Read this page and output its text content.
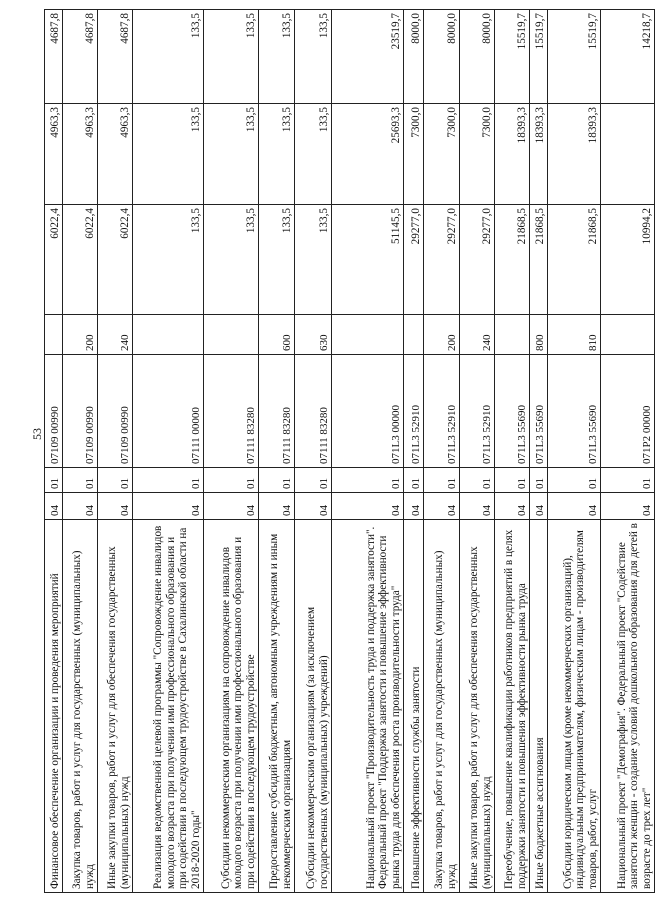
53
Финансовое обеспечение организации и проведения мероприятий	04	01	07109 00990		6022,4	4963,3	4687,8
Закупка товаров, работ и услуг для государственных (муниципальных) нужд	04	01	07109 00990	200	6022,4	4963,3	4687,8
Иные закупки товаров, работ и услуг для обеспечения государственных (муниципальных) нужд	04	01	07109 00990	240	6022,4	4963,3	4687,8
Реализация ведомственной целевой программы "Сопровождение инвалидов молодого возраста при получении ими профессионального образования и при содействии в последующем трудоустройстве в Сахалинской области на 2018-2020 годы"	04	01	07111 00000		133,5	133,5	133,5
Субсидии некоммерческим организациям на сопровождение инвалидов молодого возраста при получении ими профессионального образования и при содействии в последующем трудоустройстве	04	01	07111 83280		133,5	133,5	133,5
Предоставление субсидий бюджетным, автономным учреждениям и иным некоммерческим организациям	04	01	07111 83280	600	133,5	133,5	133,5
Субсидии некоммерческим организациям (за исключением государственных (муниципальных) учреждений)	04	01	07111 83280	630	133,5	133,5	133,5
Национальный проект "Производительность труда и поддержка занятости". Федеральный проект "Поддержка занятости и повышение эффективности рынка труда для обеспечения роста производительности труда"	04	01	071L3 00000		51145,5	25693,3	23519,7
Повышение эффективности службы занятости	04	01	071L3 52910		29277,0	7300,0	8000,0
Закупка товаров, работ и услуг для государственных (муниципальных) нужд	04	01	071L3 52910	200	29277,0	7300,0	8000,0
Иные закупки товаров, работ и услуг для обеспечения государственных (муниципальных) нужд	04	01	071L3 52910	240	29277,0	7300,0	8000,0
Переобучение, повышение квалификации работников предприятий в целях поддержки занятости и повышения эффективности рынка труда	04	01	071L3 55690		21868,5	18393,3	15519,7
Иные бюджетные ассигнования	04	01	071L3 55690	800	21868,5	18393,3	15519,7
Субсидии юридическим лицам (кроме некоммерческих организаций), индивидуальным предпринимателям, физическим лицам - производителям товаров, работ, услуг	04	01	071L3 55690	810	21868,5	18393,3	15519,7
Национальный проект "Демография". Федеральный проект "Содействие занятости женщин - создание условий дошкольного образования для детей в возрасте до трех лет"	04	01	071P2 00000		10994,2		14218,7
